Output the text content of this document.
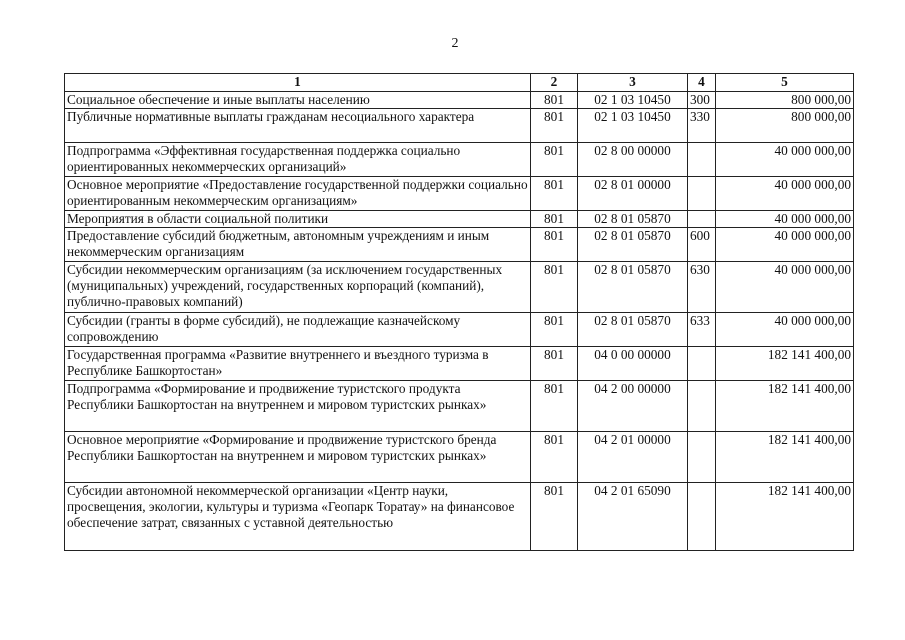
2
1	2	3	4	5
Социальное обеспечение и иные выплаты населению	801	02 1 03 10450	300	800 000,00
Публичные нормативные выплаты гражданам несоциального характера	801	02 1 03 10450	330	800 000,00
Подпрограмма «Эффективная государственная поддержка социально ориентированных некоммерческих организаций»	801	02 8 00 00000		40 000 000,00
Основное мероприятие «Предоставление государственной поддержки социально ориентированным некоммерческим организациям»	801	02 8 01 00000		40 000 000,00
Мероприятия в области социальной политики	801	02 8 01 05870		40 000 000,00
Предоставление субсидий бюджетным, автономным учреждениям и иным некоммерческим организациям	801	02 8 01 05870	600	40 000 000,00
Субсидии некоммерческим организациям (за исключением государственных (муниципальных) учреждений, государственных корпораций (компаний), публично-правовых компаний)	801	02 8 01 05870	630	40 000 000,00
Субсидии (гранты в форме субсидий), не подлежащие казначейскому сопровождению	801	02 8 01 05870	633	40 000 000,00
Государственная программа «Развитие внутреннего и въездного туризма в Республике Башкортостан»	801	04 0 00 00000		182 141 400,00
Подпрограмма «Формирование и продвижение туристского продукта Республики Башкортостан на внутреннем и мировом туристских рынках»	801	04 2 00 00000		182 141 400,00
Основное мероприятие «Формирование и продвижение туристского бренда Республики Башкортостан на внутреннем и мировом туристских рынках»	801	04 2 01 00000		182 141 400,00
Субсидии автономной некоммерческой организации «Центр науки, просвещения, экологии, культуры и туризма «Геопарк Торатау» на финансовое обеспечение затрат, связанных с уставной деятельностью	801	04 2 01 65090		182 141 400,00
